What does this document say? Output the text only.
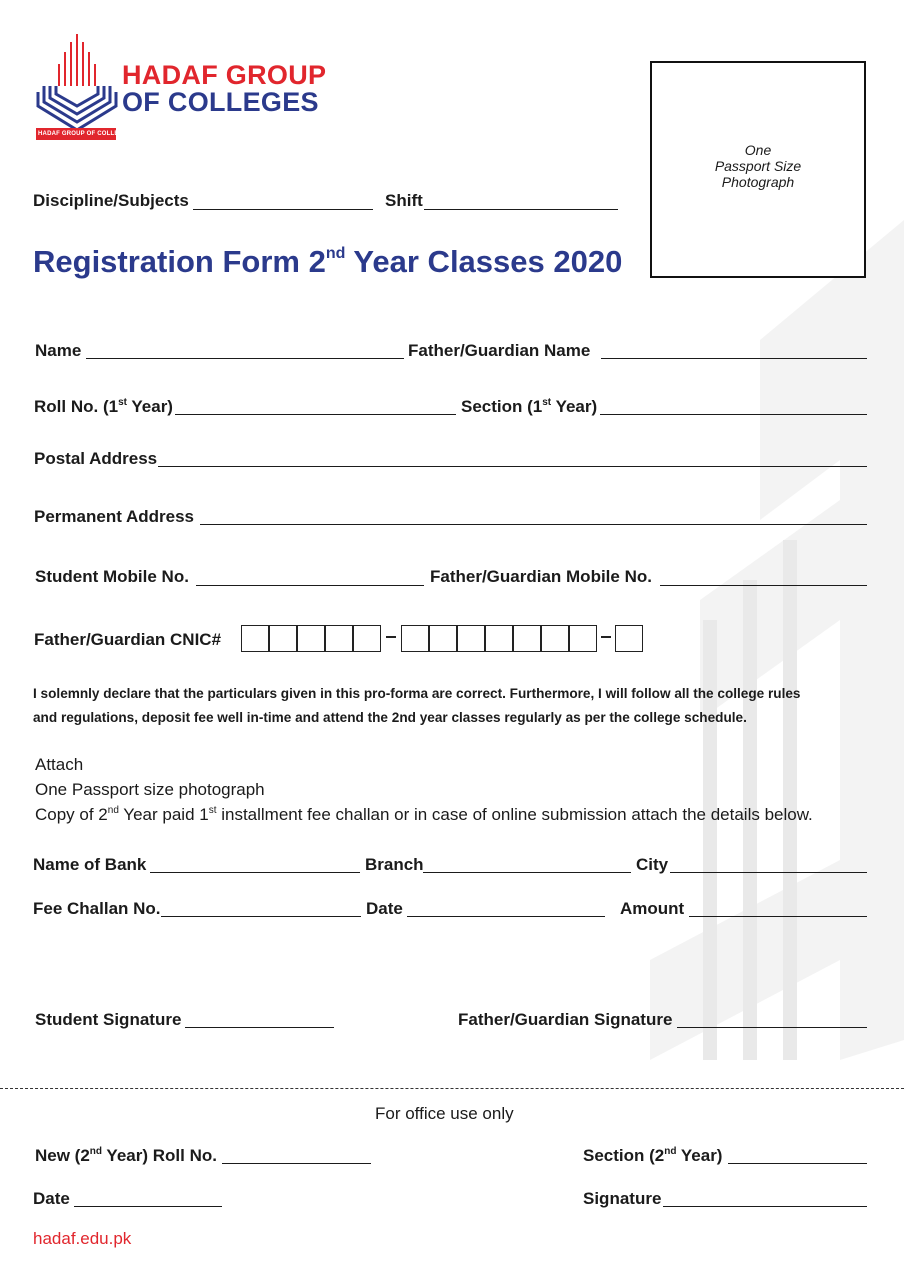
HADAF GROUP OF COLLEGES
HADAF GROUP
OF COLLEGES
One
Passport Size
Photograph
Discipline/Subjects	Shift
Registration Form 2nd Year Classes 2020
Name	Father/Guardian Name
Roll No. (1st Year)	Section (1st Year)
Postal Address
Permanent Address
Student Mobile No.	Father/Guardian Mobile No.
Father/Guardian CNIC#
I solemnly declare that the particulars given in this pro-forma are correct. Furthermore, I will follow all the college rules
and regulations, deposit fee well in-time and attend the 2nd year classes regularly as per the college schedule.
Attach
One Passport size photograph
Copy of 2nd Year paid 1st installment fee challan or in case of online submission attach the details below.
Name of Bank	Branch	City
Fee Challan No.	Date	Amount
Student Signature	Father/Guardian Signature
For office use only
New (2nd Year) Roll No.	Section (2nd Year)
Date	Signature
hadaf.edu.pk
